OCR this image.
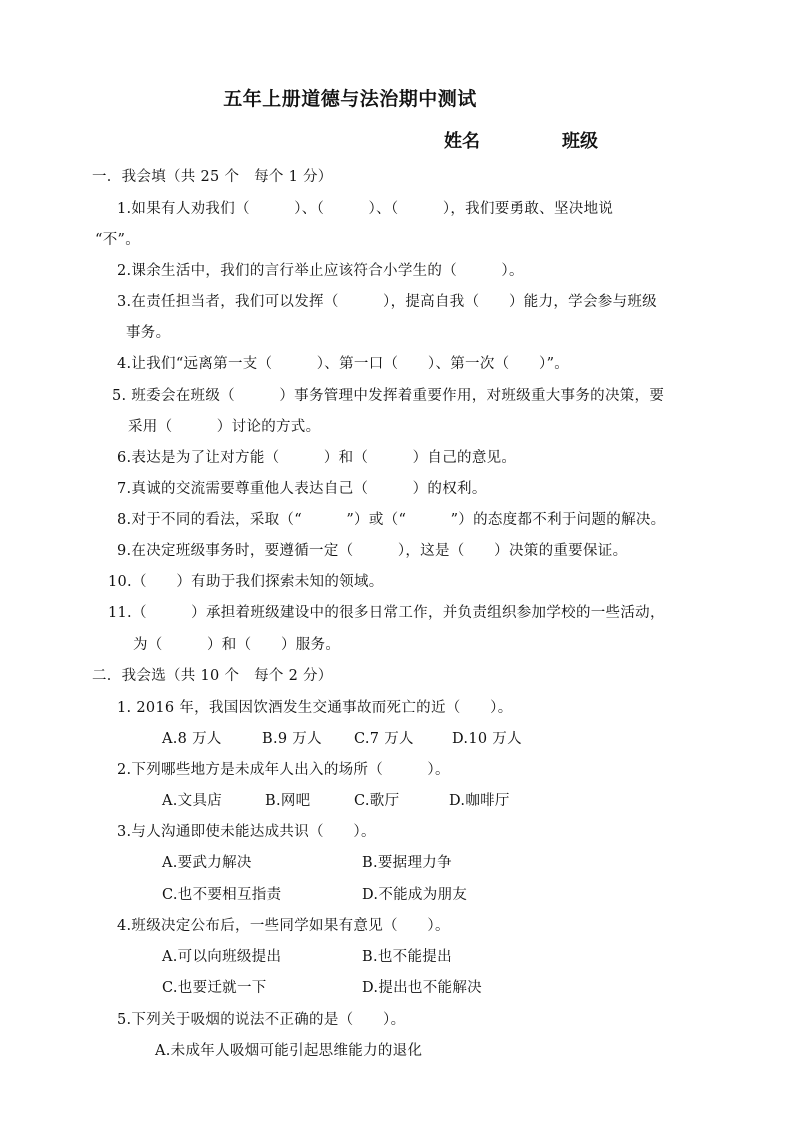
五年上册道德与法治期中测试
姓名	班级
一．我会填（共 25 个　每个 1 分）
1.如果有人劝我们（　　　）、（　　　）、（　　　），我们要勇敢、坚决地说
“不”。
2.课余生活中，我们的言行举止应该符合小学生的（　　　）。
3.在责任担当者，我们可以发挥（　　　），提高自我（　　）能力，学会参与班级
事务。
4.让我们“远离第一支（　　　）、第一口（　　）、第一次（　　）”。
5. 班委会在班级（　　　）事务管理中发挥着重要作用，对班级重大事务的决策，要
采用（　　　）讨论的方式。
6.表达是为了让对方能（　　　）和（　　　）自己的意见。
7.真诚的交流需要尊重他人表达自己（　　　）的权利。
8.对于不同的看法，采取（“　　　”）或（“　　　”）的态度都不利于问题的解决。
9.在决定班级事务时，要遵循一定（　　　），这是（　　）决策的重要保证。
10.（　　）有助于我们探索未知的领域。
11.（　　　）承担着班级建设中的很多日常工作，并负责组织参加学校的一些活动，
为（　　　）和（　　）服务。
二．我会选（共 10 个　每个 2 分）
1. 2016 年，我国因饮酒发生交通事故而死亡的近（　　）。
A.8 万人	B.9 万人 C.7 万人	D.10 万人
2.下列哪些地方是未成年人出入的场所（　　　）。
A.文具店	B.网吧	C.歌厅	D.咖啡厅
3.与人沟通即使未能达成共识（　　）。
A.要武力解决	B.要据理力争
C.也不要相互指责	D.不能成为朋友
4.班级决定公布后，一些同学如果有意见（　　）。
A.可以向班级提出	B.也不能提出
C.也要迁就一下	D.提出也不能解决
5.下列关于吸烟的说法不正确的是（　　）。
A.未成年人吸烟可能引起思维能力的退化
